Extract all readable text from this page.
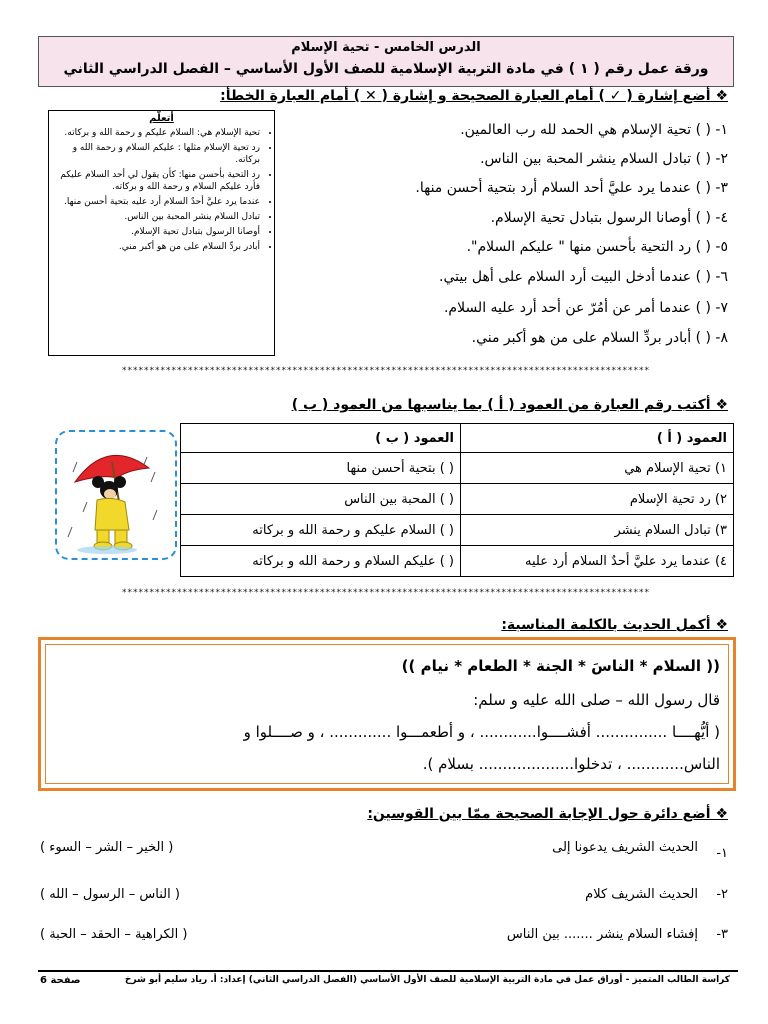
الدرس الخامس - تحية الإسلام
ورقة عمل رقم ( ١ ) في مادة التربية الإسلامية للصف الأول الأساسي – الفصل الدراسي الثاني
❖ أضع إشارة ( ✓ ) أمام العبارة الصحيحة و إشارة ( ✕ ) أمام العبارة الخطأ:
أتعلّم
• تحية الإسلام هي: السلام عليكم و رحمة الله و بركاته.
• رد تحية الإسلام مثلها : عليكم السلام و رحمة الله و بركاته.
• رد التحية بأحسن منها: كأن يقول لي أحد السلام عليكم فأرد عليكم السلام و رحمة الله و بركاته.
• عندما يرد عليَّ أحدٌ السلام أرد عليه بتحية أحسن منها.
• تبادل السلام ينشر المحبة بين الناس.
• أوصانا الرسول بتبادل تحية الإسلام.
• أبادر بردِّ السلام على من هو أكبر مني.
١- ( ) تحية الإسلام هي الحمد لله رب العالمين.
٢- ( ) تبادل السلام ينشر المحبة بين الناس.
٣- ( ) عندما يرد عليَّ أحد السلام أرد بتحية أحسن منها.
٤- ( ) أوصانا الرسول بتبادل تحية الإسلام.
٥- ( ) رد التحية بأحسن منها " عليكم السلام".
٦- ( ) عندما أدخل البيت أرد السلام على أهل بيتي.
٧- ( ) عندما أمر عن أمُرّ عن أحد أرد عليه السلام.
٨- ( ) أبادر بردِّ السلام على من هو أكبر مني.
************************************************************************************************
❖ أكتب رقم العبارة من العمود ( أ ) بما يناسبها من العمود ( ب )
العمود ( أ )	العمود ( ب )
١) تحية الإسلام هي	( ) بتحية أحسن منها
٢) رد تحية الإسلام	( ) المحبة بين الناس
٣) تبادل السلام ينشر	( ) السلام عليكم و رحمة الله و بركاته
٤) عندما يرد عليَّ أحدٌ السلام أرد عليه	( ) عليكم السلام و رحمة الله و بركاته
************************************************************************************************
❖ أكمل الحديث بالكلمة المناسبة:
(( السلام * الناسَ * الجنة * الطعام * نيام ))
قال رسول الله – صلى الله عليه و سلم:
( أيُّهــــا ............... أفشــــوا............ ، و أطعمـــوا ............. ، و صــــلوا و
الناس............ ، تدخلوا.................... بسلام ).
❖ أضع دائرة حول الإجابة الصحيحة ممّا بين القوسين:
١-
الحديث الشريف يدعونا إلى
( الخير – الشر – السوء )
٢-
الحديث الشريف كلام
( الناس – الرسول – الله )
٣-
إفشاء السلام ينشر ....... بين الناس
( الكراهية – الحقد – الحبة )
كراسة الطالب المتميز - أوراق عمل في مادة التربية الإسلامية للصف الأول الأساسي (الفصل الدراسي الثاني) إعداد: أ. رياد سليم أبو شرخ
صفحة 6
